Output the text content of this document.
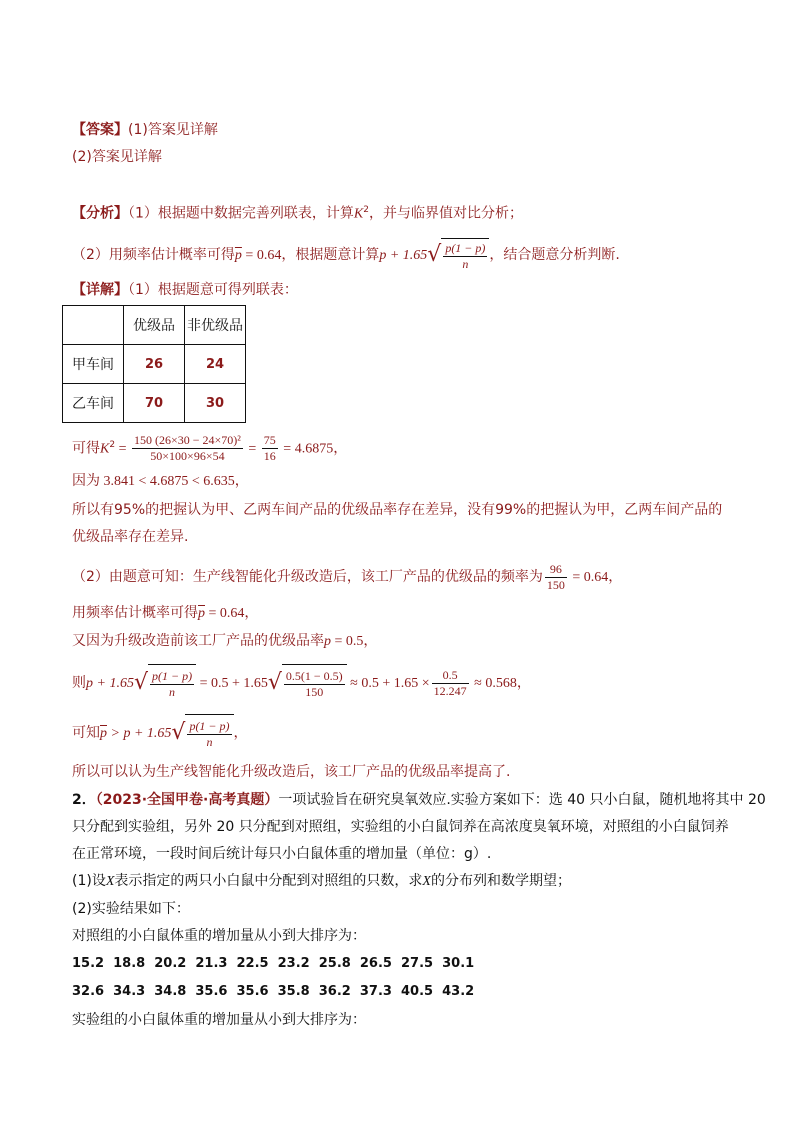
【答案】(1)答案见详解
(2)答案见详解
【分析】（1）根据题中数据完善列联表，计算$K^2$，并与临界值对比分析；
（2）用频率估计概率可得$\overline{p} = 0.64$，根据题意计算$p + 1.65√ \frac{p(1 - p)}{n}$ ，结合题意分析判断.
【详解】（1）根据题意可得列联表：
	优级品	非优级品
甲车间	26	24
乙车间	70	30
可得$K^2 = \frac{\text{150 (26×30 − 24×70)²}}{50\times 100\times 96\times 54} = \frac{75}{16} = 4.6875$，
因为 3.841 < 4.6875 < 6.635，
所以有95%的把握认为甲、乙两车间产品的优级品率存在差异，没有99%的把握认为甲，乙两车间产品的
优级品率存在差异.
（2）由题意可知：生产线智能化升级改造后，该工厂产品的优级品的频率为 $\frac{96}{150} = 0.64$，
用频率估计概率可得$\overline{p} = 0.64$，
又因为升级改造前该工厂产品的优级品率p = 0.5，
则$p + 1.65√ \frac{p(1 - p)}{n} = 0.5 + 1.65√ \frac{0.5(1 - 0.5)}{150} \approx 0.5 + 1.65 \times \frac{0.5}{12.247} \approx 0.568$，
可知$\overline{p} > p + 1.65√ \frac{p(1 - p)}{n}$ ，
所以可以认为生产线智能化升级改造后，该工厂产品的优级品率提高了.
2．（2023·全国甲卷·高考真题）一项试验旨在研究臭氧效应.实验方案如下：选 40 只小白鼠，随机地将其中 20
只分配到实验组，另外 20 只分配到对照组，实验组的小白鼠饲养在高浓度臭氧环境，对照组的小白鼠饲养
在正常环境，一段时间后统计每只小白鼠体重的增加量（单位：g）.
(1)设X表示指定的两只小白鼠中分配到对照组的只数，求X的分布列和数学期望；
(2)实验结果如下：
对照组的小白鼠体重的增加量从小到大排序为：
15.2  18.8  20.2  21.3  22.5  23.2  25.8  26.5  27.5  30.1
32.6  34.3  34.8  35.6  35.6  35.8  36.2  37.3  40.5  43.2
实验组的小白鼠体重的增加量从小到大排序为：
